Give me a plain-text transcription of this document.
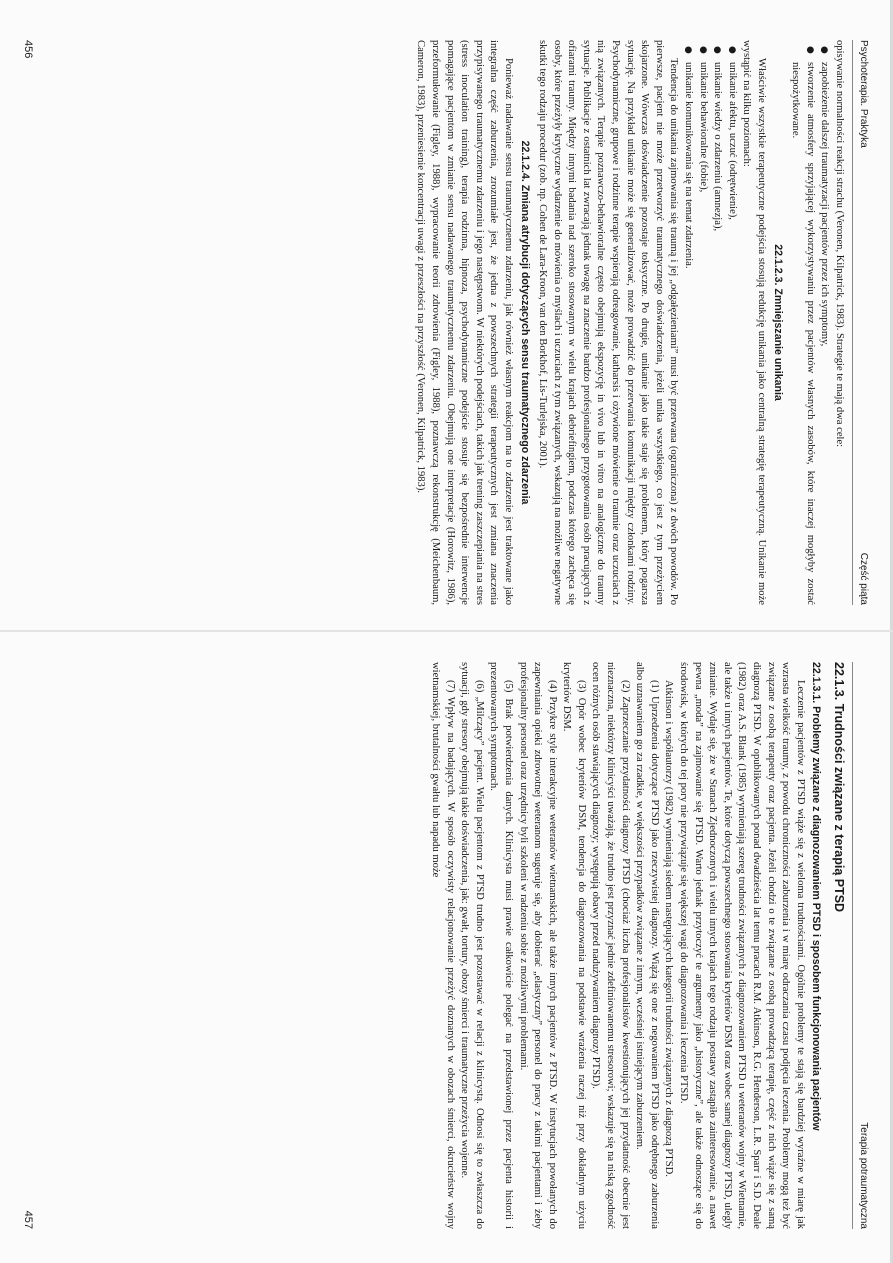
Psychoterapia. Praktyka
Część piąta

opisywanie normalności reakcji strachu (Veronen, Kilpatrick, 1983). Strategie te mają dwa cele:

●
zapobieżenie dalszej traumatyzacji pacjentów przez ich symptomy,
●
stworzenie atmosfery sprzyjającej wykorzystywaniu przez pacjentów własnych zasobów, które inaczej mogłyby zostać niespożytkowane.
22.1.2.3. Zmniejszanie unikania

Właściwie wszystkie terapeutyczne podejścia stosują redukcję unikania jako centralną strategię terapeutyczną. Unikanie może wystąpić na kilku poziomach:

●
unikanie afektu, uczuć (odrętwienie),
●
unikanie wiedzy o zdarzeniu (amnezja),
●
unikanie behawioralne (fobie),
●
unikanie komunikowania się na temat zdarzenia.

Tendencja do unikania zajmowania się traumą i jej „odgałęzieniami” musi być przerwana (ograniczona) z dwóch powodów. Po pierwsze, pacjent nie może przetworzyć traumatycznego doświadczenia, jeżeli unika wszystkiego, co jest z tym przeżyciem skojarzone. Wówczas doświadczenie pozostaje toksyczne. Po drugie, unikanie jako takie staje się problemem, który pogarsza sytuację. Na przykład unikanie może się generalizować, może prowadzić do przerwania komunikacji między członkami rodziny. Psychodynamiczne, grupowe i rodzinne terapie wspierają odreagowanie, katharsis i ożywione mówienie o traumie oraz uczuciach z nią związanych. Terapie poznawczo-behawioralne często obejmują ekspozycję in vivo lub in vitro na analogiczne do traumy sytuacje. Publikacje z ostatnich lat zwracają jednak uwagę na znaczenie bardzo profesjonalnego przygotowania osób pracujących z ofiarami traumy. Między innymi badania nad szeroko stosowanym w wielu krajach debriefingiem, podczas którego zachęca się osoby, które przeżyły krytyczne wydarzenie do mówienia o myślach i uczuciach z tym związanych, wskazują na możliwe negatywne skutki tego rodzaju procedur (zob. np. Cohen de Lara-Kroon, van den Borkhof, Lis-Turlejska, 2001).

22.1.2.4. Zmiana atrybucji dotyczących sensu traumatycznego zdarzenia

Ponieważ nadawanie sensu traumatycznemu zdarzeniu, jak również własnym reakcjom na to zdarzenie jest traktowane jako integralna część zaburzenia, zrozumiałe jest, że jedna z powszechnych strategii terapeutycznych jest zmiana znaczenia przypisywanego traumatycznemu zdarzeniu i jego następstwom. W niektórych podejściach, takich jak trening zaszczepiania na stres (stress inoculation training), terapia rodzinna, hipnoza, psychodynamiczne podejście stosuje się bezpośrednie interwencje pomagające pacjentom w zmianie sensu nadawanego traumatycznemu zdarzeniu. Obejmują one interpretacje (Horowitz, 1986), przeformułowanie (Figley, 1988), wypracowanie teorii zdrowienia (Figley, 1988), poznawczą rekonstrukcję (Meichenbaum, Cameron, 1983), przeniesienie koncentracji uwagi z przeszłości na przyszłość (Veronen, Kilpatrick, 1983).

456
Terapia potraumatyczna
22.1.3. Trudności związane z terapią PTSD
22.1.3.1. Problemy związane z diagnozowaniem PTSD i sposobem funkcjonowania pacjentów

Leczenie pacjentów z PTSD wiąże się z wieloma trudnościami. Ogólnie problemy te stają się bardziej wyraźne w miarę jak wzrasta wielkość traumy, z powodu chroniczności zaburzenia i w miarę odraczania czasu podjęcia leczenia. Problemy mogą też być związane z osobą terapeuty oraz pacjenta. Jeżeli chodzi o te związane z osobą prowadzącą terapię, część z nich wiąże się z samą diagnozą PTSD. W opublikowanych ponad dwadzieścia lat temu pracach R.M. Atkinson, R.G. Henderson, L.R. Sparr i S.D. Deale (1982) oraz A.S. Blank (1985) wymieniają szereg trudności związanych z diagnozowaniem PTSD u weteranów wojny w Wietnamie, ale także u innych pacjentów. Te, które dotyczą powszechnego stosowania kryteriów DSM oraz wobec samej diagnozy PTSD, ulegly zmianie. Wydaje się, że w Stanach Zjednoczonych i wielu innych krajach tego rodzaju postawy zastąpiło zainteresowanie, a nawet pewna „moda” na zajmowanie się PTSD. Warto jednak przytoczyć te argumenty jako „historyczne”, ale także odnoszące się do środowisk, w których do tej pory nie przywiązuje się większej wagi do diagnozowania i leczenia PTSD.

Atkinson i współautorzy (1982) wymieniają siedem następujących kategorii trudności związanych z diagnozą PTSD.

(1) Uprzedzenia dotyczące PTSD jako rzeczywistej diagnozy. Wiążą się one z negowaniem PTSD jako odrębnego zaburzenia albo uznawaniem go za rzadkie, w większości przypadków związane z innym, wcześniej istniejącym zaburzeniem.

(2) Zaprzeczanie przydatności diagnozy PTSD (chociaż liczba profesjonalistów kwestionujących jej przydatność obecnie jest nieznaczna, niektórzy klinicyści uważają, że trudno jest przyznać jednie zdefiniowanemu stresorowi; wskazuje się na niską zgodność ocen różnych osób stawiających diagnozy; występują obawy przed nadużywaniem diagnozy PTSD).

(3) Opór wobec kryteriów DSM, tendencja do diagnozowania na podstawie wrażenia raczej niż przy dokładnym użyciu kryteriów DSM.

(4) Przykre style interakcyjne weteranów wietnamskich, ale także innych pacjentów z PTSD. W instytucjach powołanych do zapewniania opieki zdrowotnej weteranom sugeruje się, aby dobierać „elastyczny” personel do pracy z takimi pacjentami i żeby profesjonalny personel oraz urzędnicy byli szkoleni w radzeniu sobie z możliwymi problemami.

(5) Brak potwierdzenia danych. Klinicysta musi prawie całkowicie polegać na przedstawionej przez pacjenta historii i prezentowanych symptomach.

(6) „Milczący” pacjent. Wielu pacjentom z PTSD trudno jest pozostawać w relacji z klinicystą. Odnosi się to zwłaszcza do sytuacji, gdy stresory obejmują takie doświadczenia, jak: gwałt, tortury, obozy śmierci i traumatyczne przeżycia wojenne.

(7) Wpływ na badających. W sposób oczywisty relacjonowanie przeżyć doznanych w obozach śmierci, okrucieństw wojny wietnamskiej, brutalności gwałtu lub napadu może

457
